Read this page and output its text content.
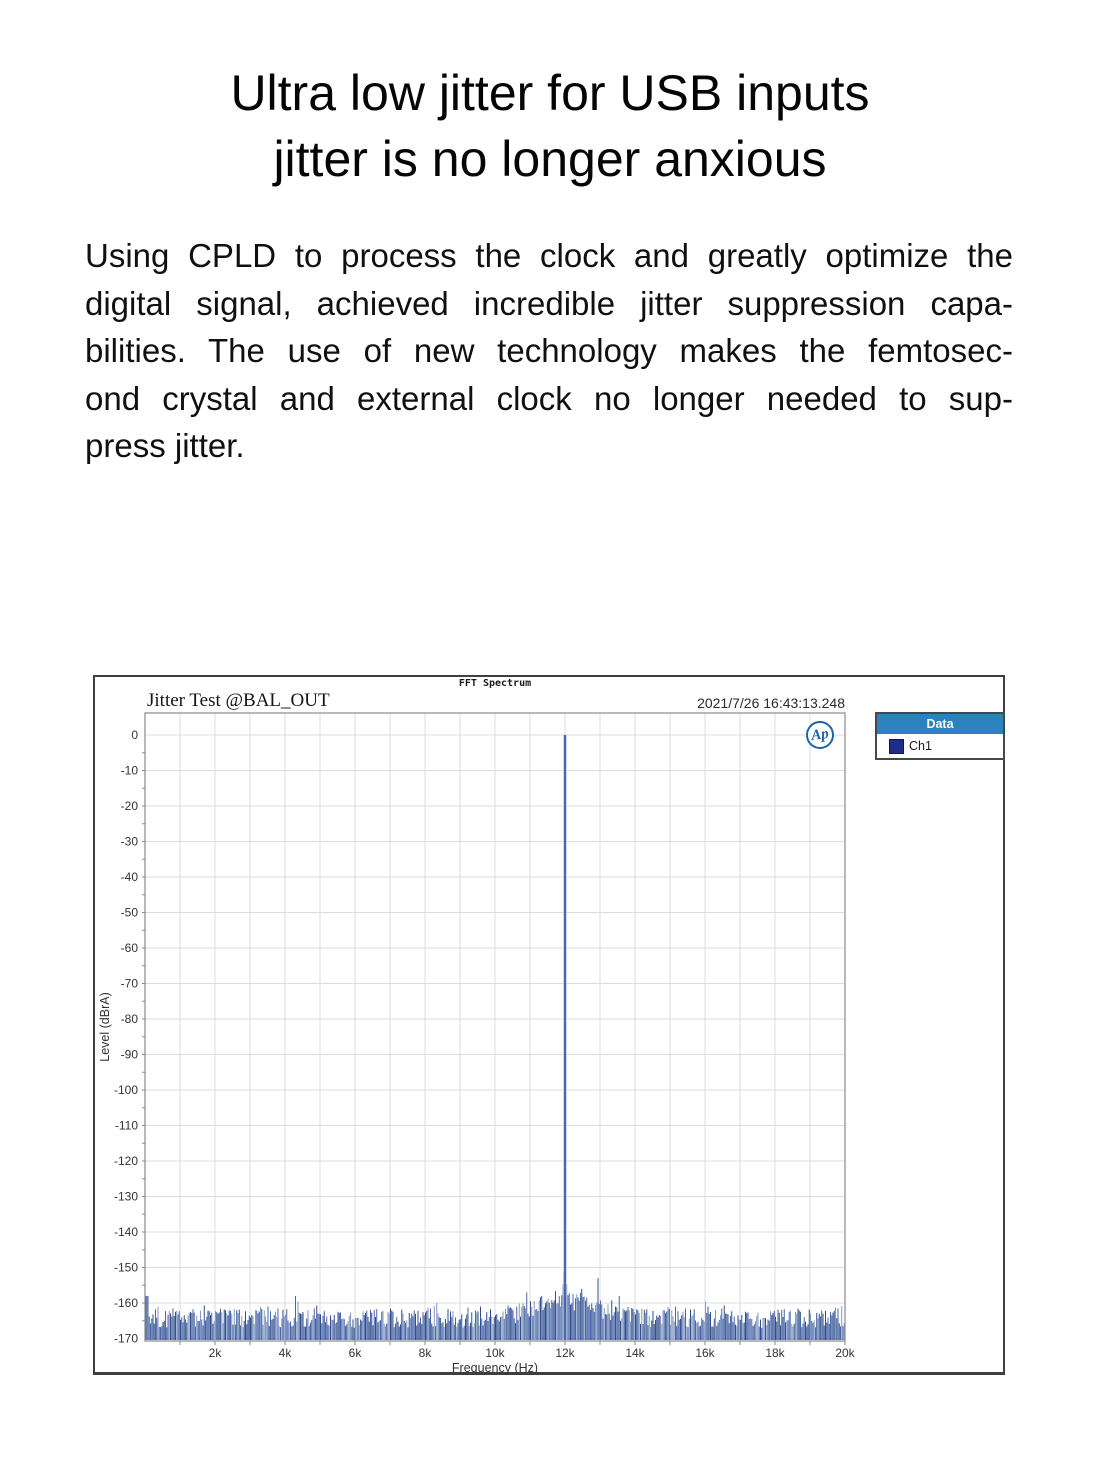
Ultra low jitter for USB inputs
jitter is no longer anxious
Using CPLD to process the clock and greatly optimize the
digital signal, achieved incredible jitter suppression capa-
bilities. The use of new technology makes the femtosec-
ond crystal and external clock no longer needed to sup-
press jitter.
FFT Spectrum
Jitter Test @BAL_OUT	2021/7/26 16:43:13.248
0
-10
-20
-30
-40
-50
-60
-70
-80
-90
-100
-110
-120
-130
-140
-150
-160
-170
2k	4k	6k	8k	10k	12k	14k	16k	18k	20k
Frequency (Hz)
Level (dBrA)
Ap
Data
Ch1
